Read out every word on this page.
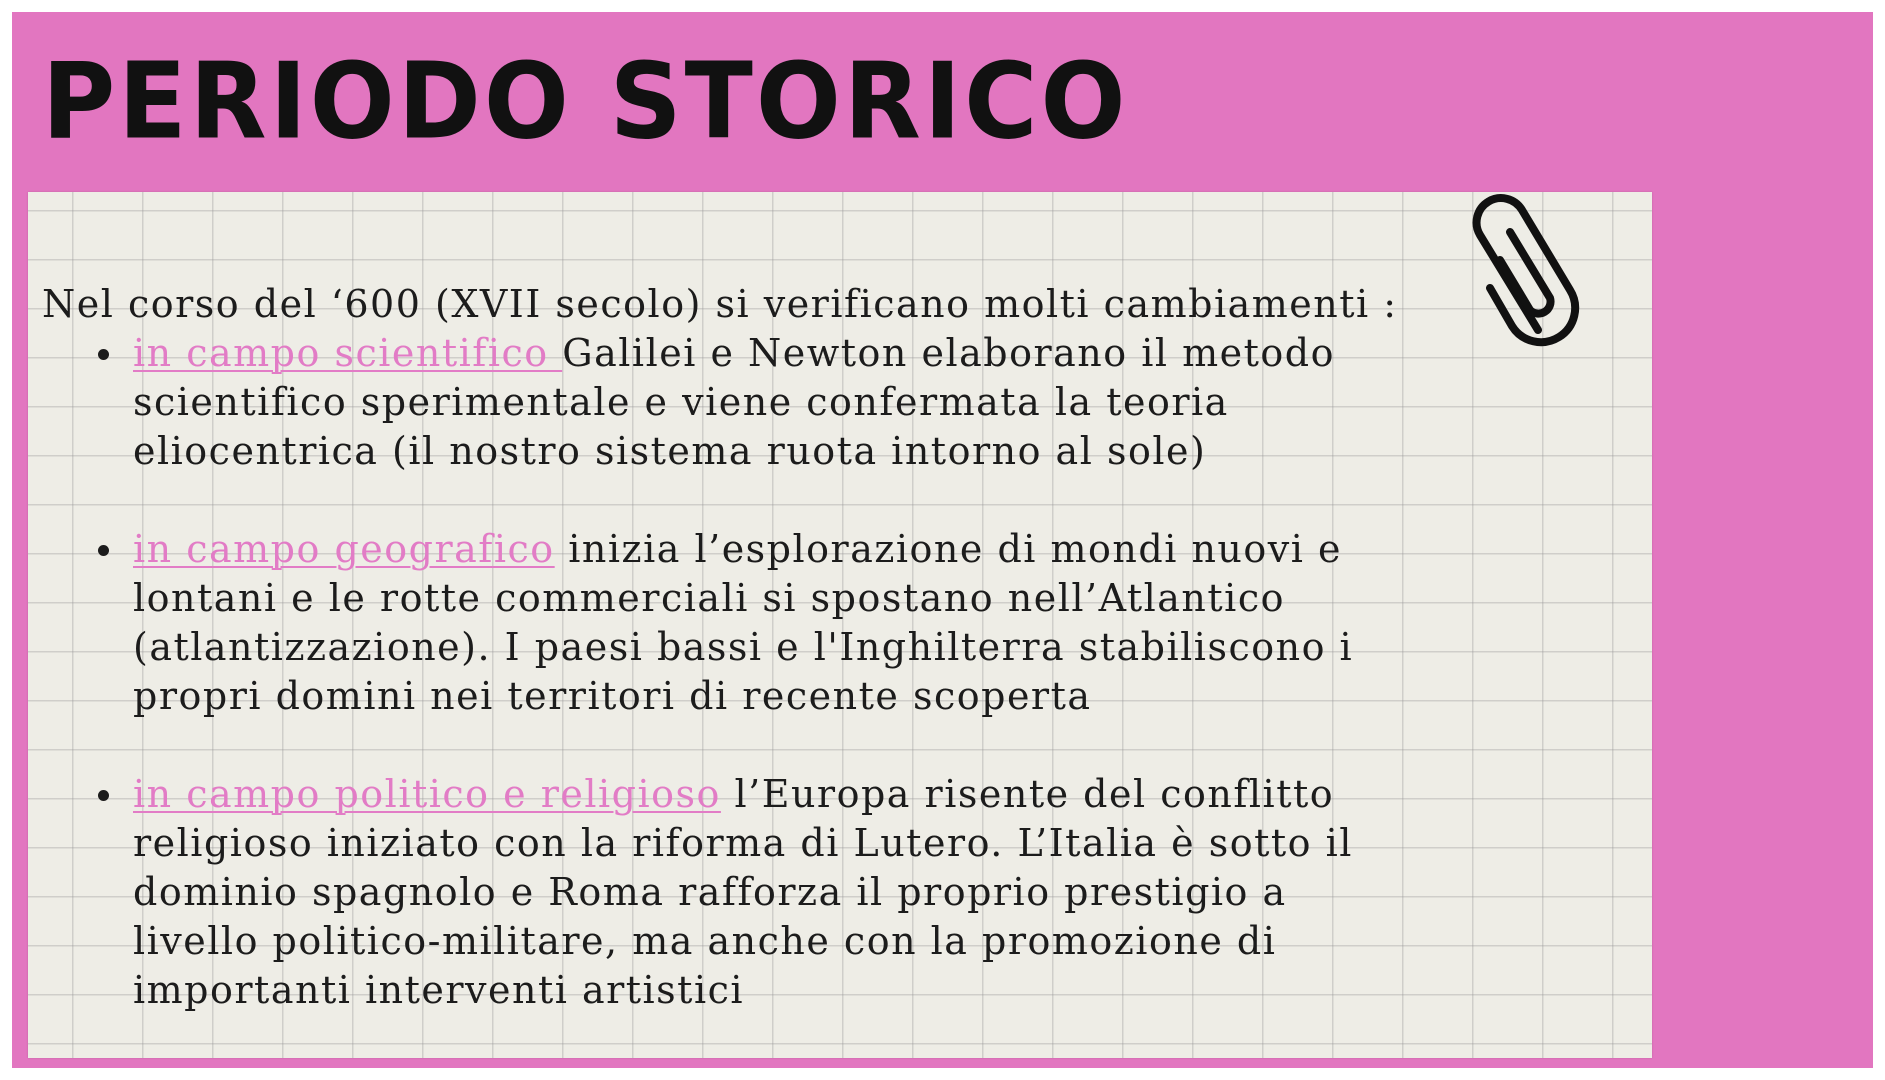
PERIODO STORICO

Nel corso del ‘600 (XVII secolo) si verificano molti cambiamenti :

in campo scientifico Galilei e Newton elaborano il metodo scientifico sperimentale e viene confermata la teoria eliocentrica (il nostro sistema ruota intorno al sole)
in campo geografico inizia l’esplorazione di mondi nuovi e lontani e le rotte commerciali si spostano nell’Atlantico (atlantizzazione). I paesi bassi e l'Inghilterra stabiliscono i propri domini nei territori di recente scoperta
in campo politico e religioso l’Europa risente del conflitto religioso iniziato con la riforma di Lutero. L’Italia è sotto il dominio spagnolo e Roma rafforza il proprio prestigio a livello politico-militare, ma anche con la promozione di importanti interventi artistici
